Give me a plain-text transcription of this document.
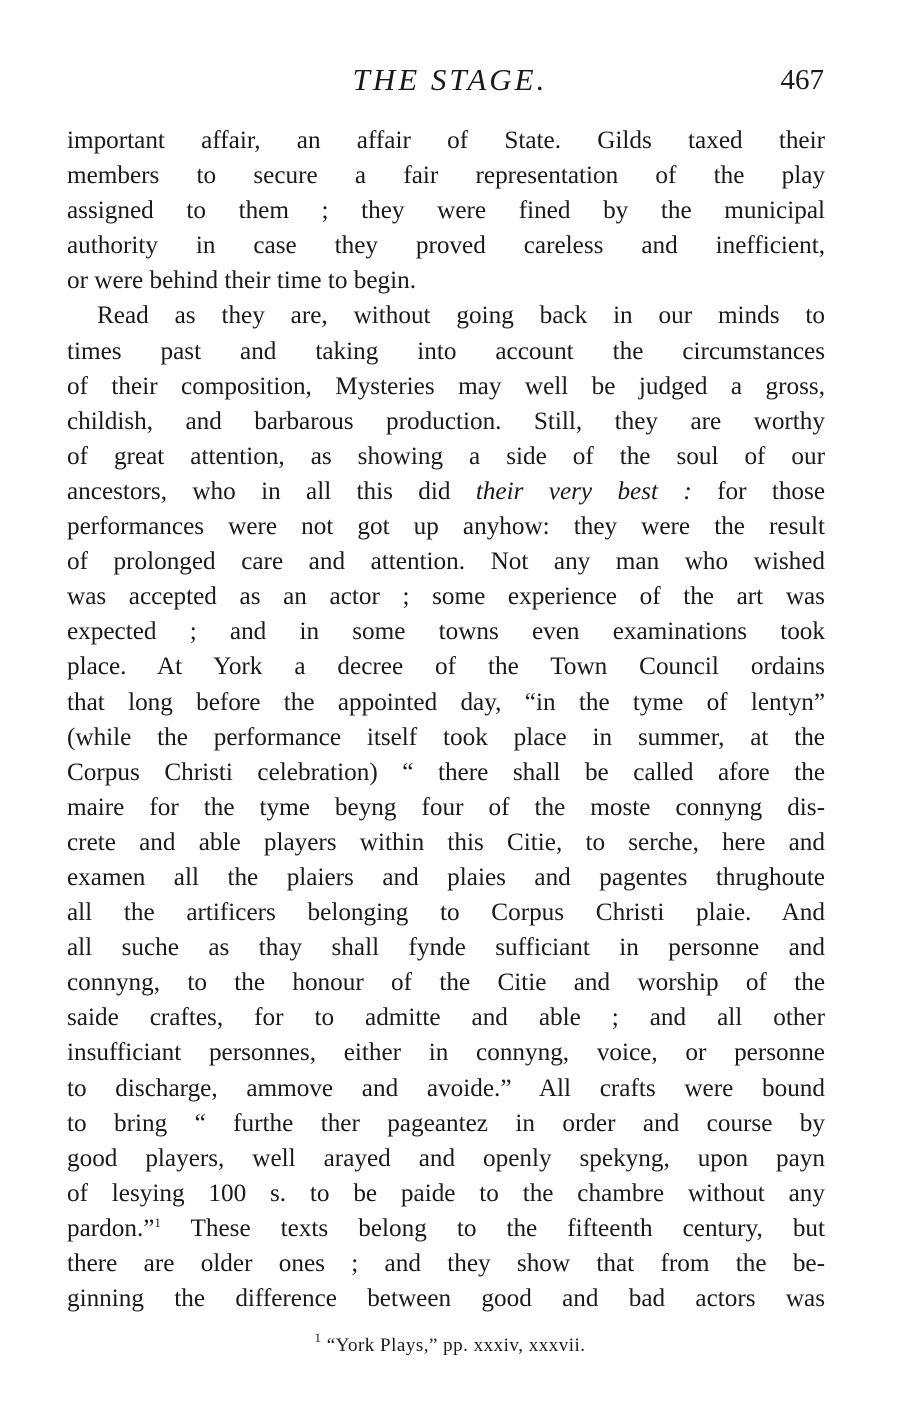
THE STAGE.	467
important affair, an affair of State. Gilds taxed their
members to secure a fair representation of the play
assigned to them ; they were fined by the municipal
authority in case they proved careless and inefficient,
or were behind their time to begin.
Read as they are, without going back in our minds to
times past and taking into account the circumstances
of their composition, Mysteries may well be judged a gross,
childish, and barbarous production. Still, they are worthy
of great attention, as showing a side of the soul of our
ancestors, who in all this did their very best : for those
performances were not got up anyhow: they were the result
of prolonged care and attention. Not any man who wished
was accepted as an actor ; some experience of the art was
expected ; and in some towns even examinations took
place. At York a decree of the Town Council ordains
that long before the appointed day, “in the tyme of lentyn”
(while the performance itself took place in summer, at the
Corpus Christi celebration) “ there shall be called afore the
maire for the tyme beyng four of the moste connyng dis-
crete and able players within this Citie, to serche, here and
examen all the plaiers and plaies and pagentes thrughoute
all the artificers belonging to Corpus Christi plaie. And
all suche as thay shall fynde sufficiant in personne and
connyng, to the honour of the Citie and worship of the
saide craftes, for to admitte and able ; and all other
insufficiant personnes, either in connyng, voice, or personne
to discharge, ammove and avoide.” All crafts were bound
to bring “ furthe ther pageantez in order and course by
good players, well arayed and openly spekyng, upon payn
of lesying 100 s. to be paide to the chambre without any
pardon.”$^1$ These texts belong to the fifteenth century, but
there are older ones ; and they show that from the be-
ginning the difference between good and bad actors was
$^1$ “York Plays,” pp. xxxiv, xxxvii.
